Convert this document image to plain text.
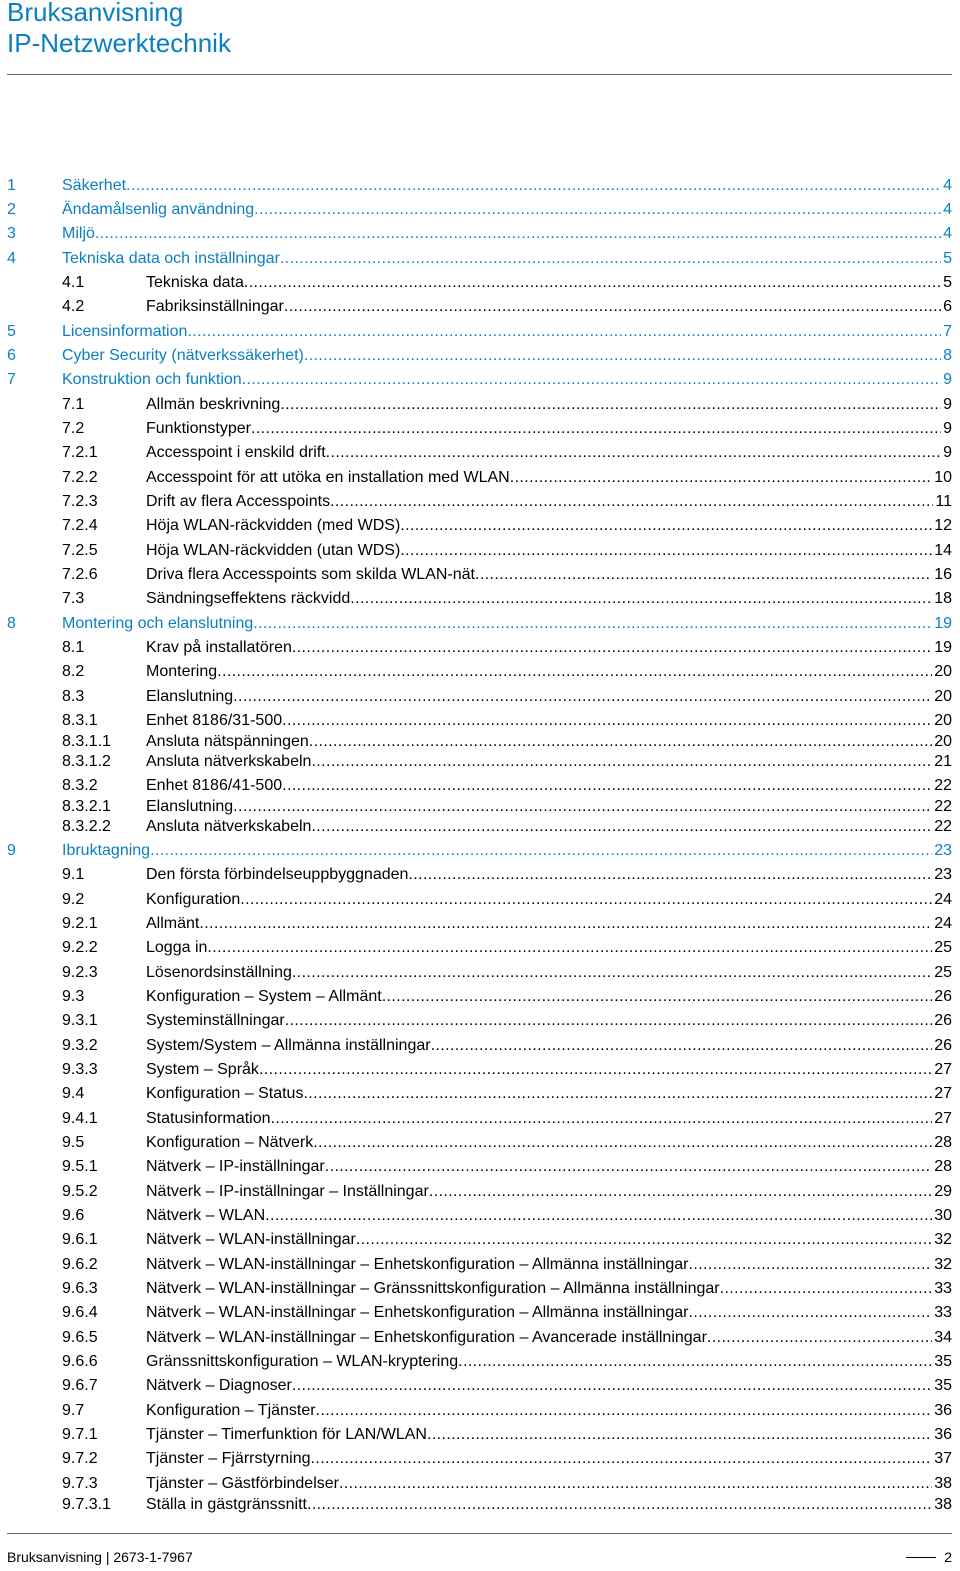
Bruksanvisning
IP-Netzwerktechnik
1	Säkerhet .....	4
2	Ändamålsenlig användning .....	4
3	Miljö .....	4
4	Tekniska data och inställningar .....	5
4.1	Tekniska data .....	5
4.2	Fabriksinställningar .....	6
5	Licensinformation .....	7
6	Cyber Security (nätverkssäkerhet) .....	8
7	Konstruktion och funktion .....	9
7.1	Allmän beskrivning .....	9
7.2	Funktionstyper .....	9
7.2.1	Accesspoint i enskild drift .....	9
7.2.2	Accesspoint för att utöka en installation med WLAN .....	10
7.2.3	Drift av flera Accesspoints .....	11
7.2.4	Höja WLAN-räckvidden (med WDS) .....	12
7.2.5	Höja WLAN-räckvidden (utan WDS) .....	14
7.2.6	Driva flera Accesspoints som skilda WLAN-nät .....	16
7.3	Sändningseffektens räckvidd .....	18
8	Montering och elanslutning .....	19
8.1	Krav på installatören .....	19
8.2	Montering .....	20
8.3	Elanslutning .....	20
8.3.1	Enhet 8186/31-500 .....	20
8.3.1.1 Ansluta nätspänningen .....	20
8.3.1.2 Ansluta nätverkskabeln .....	21
8.3.2	Enhet 8186/41-500 .....	22
8.3.2.1 Elanslutning .....	22
8.3.2.2 Ansluta nätverkskabeln .....	22
9	Ibruktagning .....	23
9.1	Den första förbindelseuppbyggnaden .....	23
9.2	Konfiguration .....	24
9.2.1	Allmänt .....	24
9.2.2	Logga in .....	25
9.2.3	Lösenordsinställning .....	25
9.3	Konfiguration – System – Allmänt .....	26
9.3.1	Systeminställningar .....	26
9.3.2	System/System – Allmänna inställningar .....	26
9.3.3	System – Språk .....	27
9.4	Konfiguration – Status .....	27
9.4.1	Statusinformation .....	27
9.5	Konfiguration – Nätverk .....	28
9.5.1	Nätverk – IP-inställningar .....	28
9.5.2	Nätverk – IP-inställningar – Inställningar .....	29
9.6	Nätverk – WLAN .....	30
9.6.1	Nätverk – WLAN-inställningar .....	32
9.6.2	Nätverk – WLAN-inställningar – Enhetskonfiguration – Allmänna inställningar .....	32
9.6.3	Nätverk – WLAN-inställningar – Gränssnittskonfiguration – Allmänna inställningar .....	33
9.6.4	Nätverk – WLAN-inställningar – Enhetskonfiguration – Allmänna inställningar .....	33
9.6.5	Nätverk – WLAN-inställningar – Enhetskonfiguration – Avancerade inställningar .....	34
9.6.6	Gränssnittskonfiguration – WLAN-kryptering .....	35
9.6.7	Nätverk – Diagnoser .....	35
9.7	Konfiguration – Tjänster .....	36
9.7.1	Tjänster – Timerfunktion för LAN/WLAN .....	36
9.7.2	Tjänster – Fjärrstyrning .....	37
9.7.3	Tjänster – Gästförbindelser .....	38
9.7.3.1 Ställa in gästgränssnitt .....	38
Bruksanvisning | 2673-1-7967	2
